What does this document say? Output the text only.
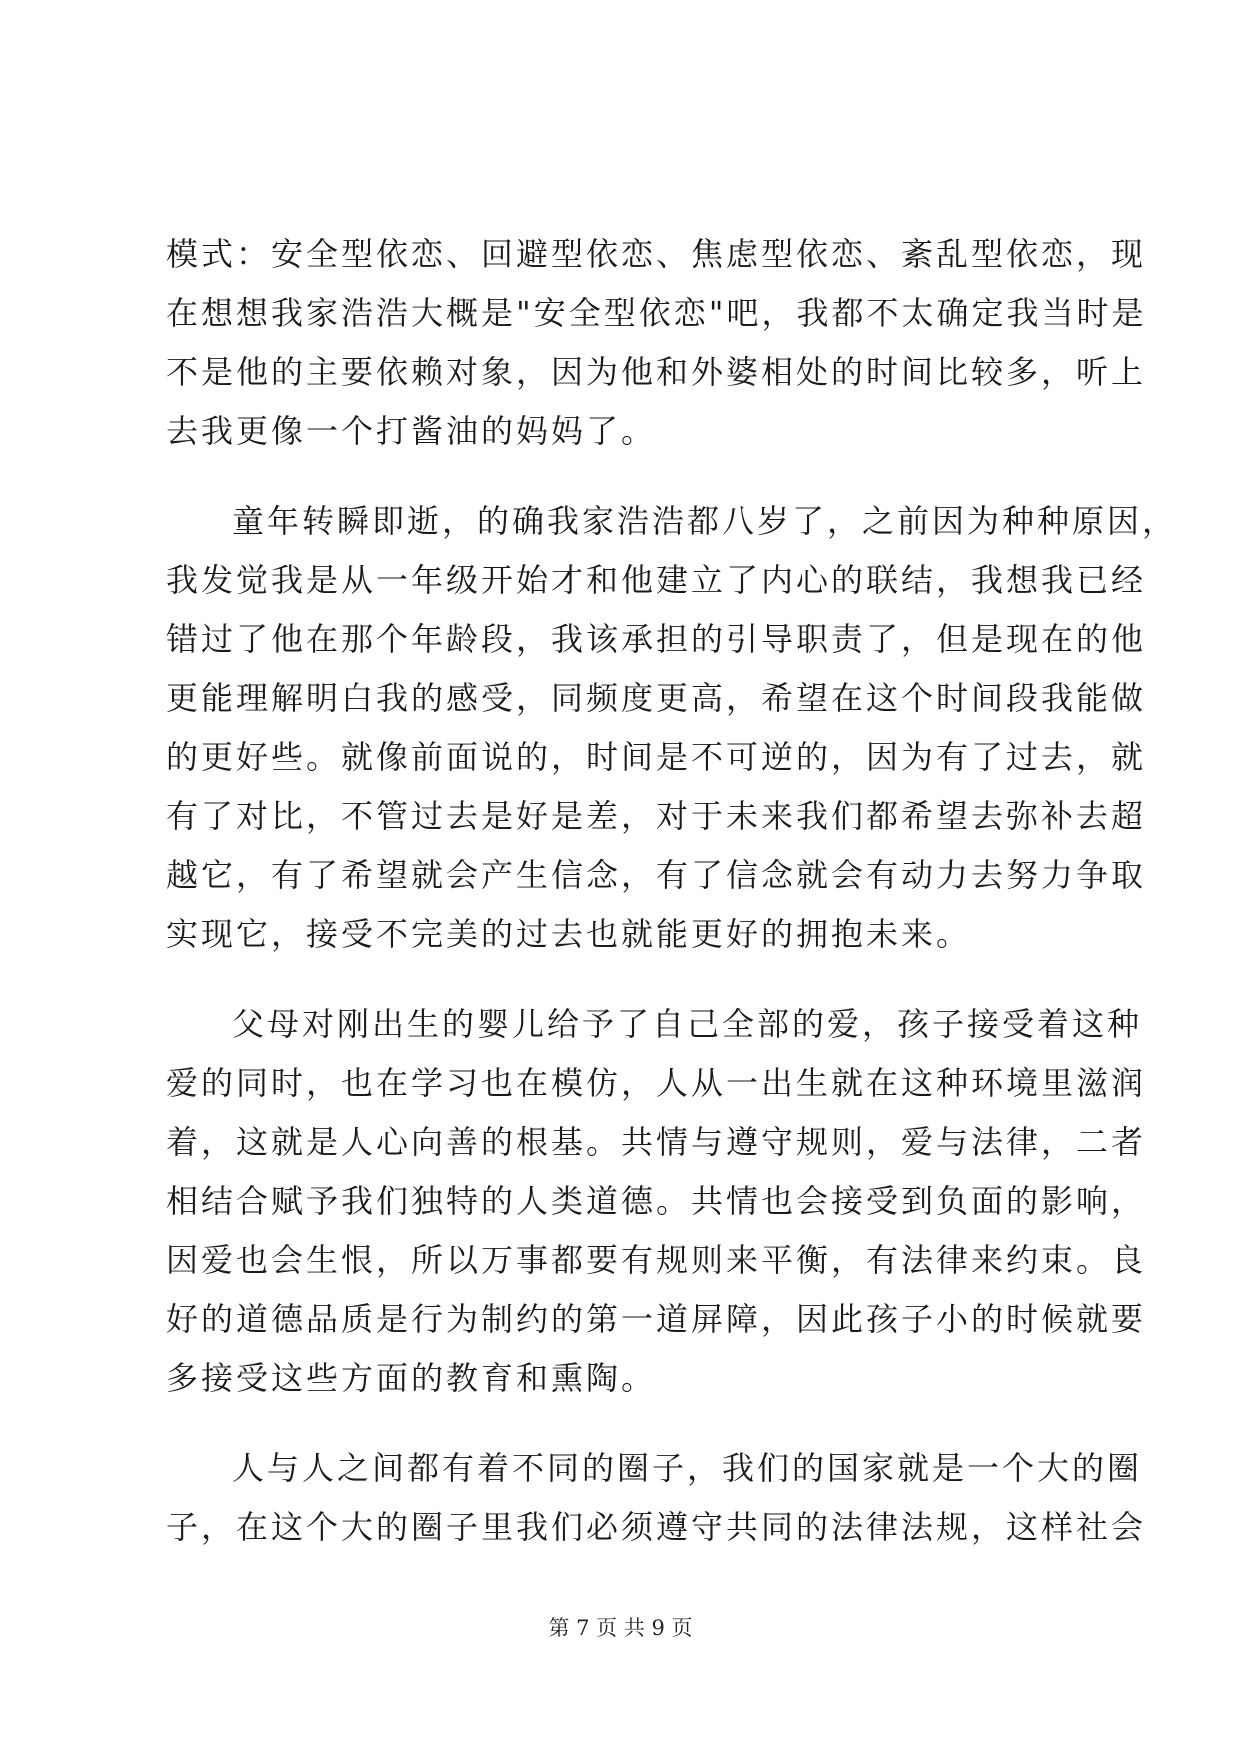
模式：安全型依恋、回避型依恋、焦虑型依恋、紊乱型依恋，现
在想想我家浩浩大概是"安全型依恋"吧，我都不太确定我当时是
不是他的主要依赖对象，因为他和外婆相处的时间比较多，听上
去我更像一个打酱油的妈妈了。
童年转瞬即逝，的确我家浩浩都八岁了，之前因为种种原因，
我发觉我是从一年级开始才和他建立了内心的联结，我想我已经
错过了他在那个年龄段，我该承担的引导职责了，但是现在的他
更能理解明白我的感受，同频度更高，希望在这个时间段我能做
的更好些。就像前面说的，时间是不可逆的，因为有了过去，就
有了对比，不管过去是好是差，对于未来我们都希望去弥补去超
越它，有了希望就会产生信念，有了信念就会有动力去努力争取
实现它，接受不完美的过去也就能更好的拥抱未来。
父母对刚出生的婴儿给予了自己全部的爱，孩子接受着这种
爱的同时，也在学习也在模仿，人从一出生就在这种环境里滋润
着，这就是人心向善的根基。共情与遵守规则，爱与法律，二者
相结合赋予我们独特的人类道德。共情也会接受到负面的影响，
因爱也会生恨，所以万事都要有规则来平衡，有法律来约束。良
好的道德品质是行为制约的第一道屏障，因此孩子小的时候就要
多接受这些方面的教育和熏陶。
人与人之间都有着不同的圈子，我们的国家就是一个大的圈
子，在这个大的圈子里我们必须遵守共同的法律法规，这样社会
第 7 页 共 9 页
